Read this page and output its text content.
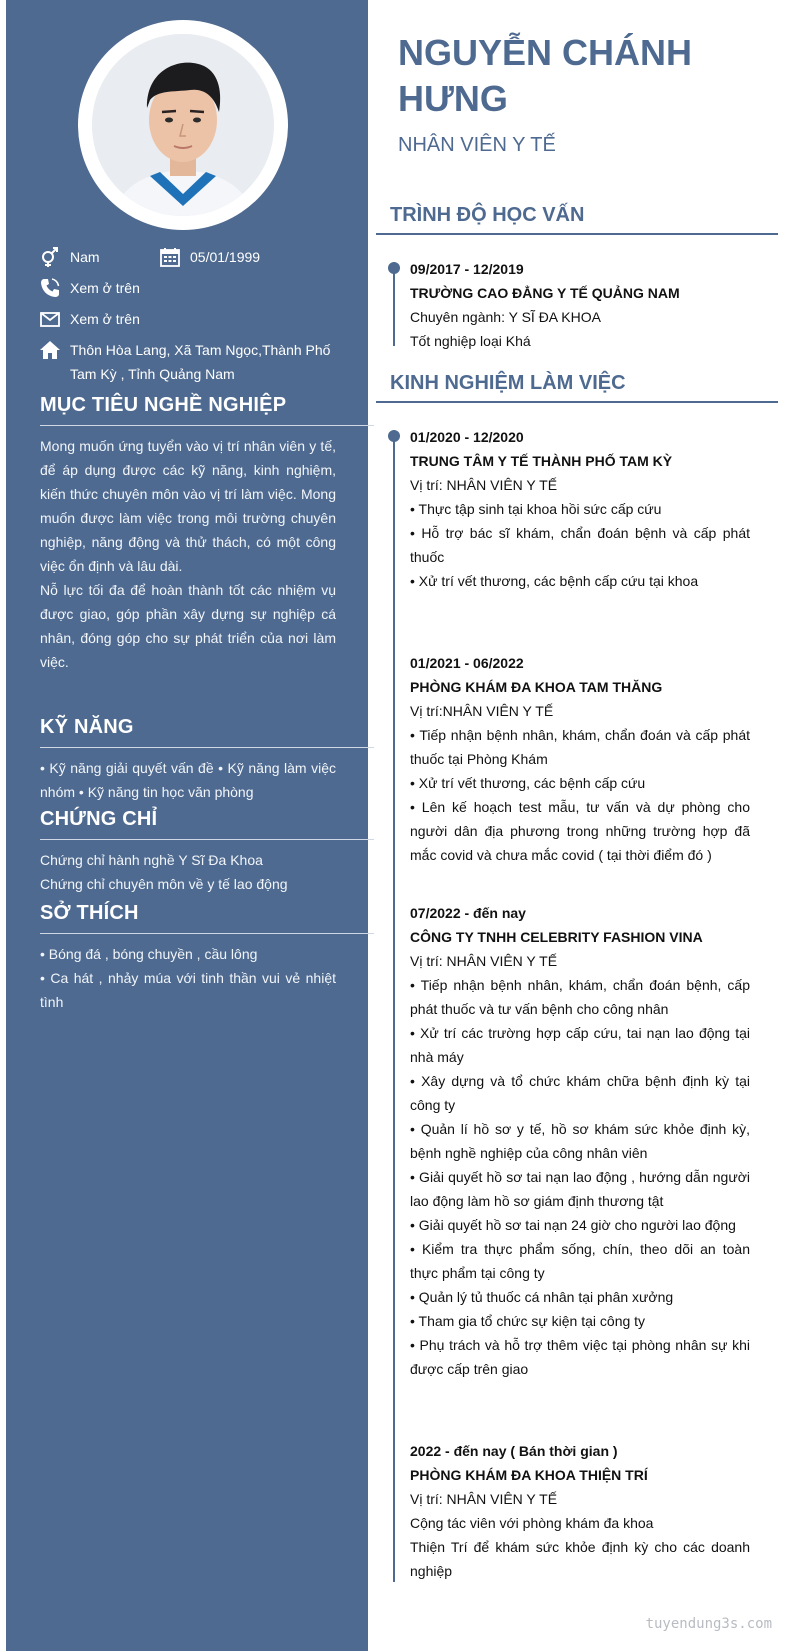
Nam	05/01/1999
Xem ở trên
Xem ở trên
Thôn Hòa Lang, Xã Tam Ngọc,Thành Phố Tam Kỳ , Tỉnh Quảng Nam
MỤC TIÊU NGHỀ NGHIỆP

Mong muốn ứng tuyển vào vị trí nhân viên y tế, để áp dụng được các kỹ năng, kinh nghiệm, kiến thức chuyên môn vào vị trí làm việc. Mong muốn được làm việc trong môi trường chuyên nghiệp, năng động và thử thách, có một công việc ổn định và lâu dài.

Nỗ lực tối đa để hoàn thành tốt các nhiệm vụ được giao, góp phần xây dựng sự nghiệp cá nhân, đóng góp cho sự phát triển của nơi làm việc.

KỸ NĂNG
• Kỹ năng giải quyết vấn đề • Kỹ năng làm việc nhóm • Kỹ năng tin học văn phòng
CHỨNG CHỈ

Chứng chỉ hành nghề Y Sĩ Đa Khoa

Chứng chỉ chuyên môn về y tế lao động

SỞ THÍCH

• Bóng đá , bóng chuyền , cầu lông

• Ca hát , nhảy múa với tinh thần vui vẻ nhiệt tình

NGUYỄN CHÁNH HƯNG
NHÂN VIÊN Y TẾ
TRÌNH ĐỘ HỌC VẤN
09/2017 - 12/2019
TRƯỜNG CAO ĐẲNG Y TẾ QUẢNG NAM
Chuyên ngành: Y SĨ ĐA KHOA
Tốt nghiệp loại Khá
KINH NGHIỆM LÀM VIỆC
01/2020 - 12/2020
TRUNG TÂM Y TẾ THÀNH PHỐ TAM KỲ
Vị trí: NHÂN VIÊN Y TẾ
• Thực tập sinh tại khoa hồi sức cấp cứu
• Hỗ trợ bác sĩ khám, chẩn đoán bệnh và cấp phát thuốc
• Xử trí vết thương, các bệnh cấp cứu tại khoa
01/2021 - 06/2022
PHÒNG KHÁM ĐA KHOA TAM THĂNG
Vị trí:NHÂN VIÊN Y TẾ
• Tiếp nhận bệnh nhân, khám, chẩn đoán và cấp phát thuốc tại Phòng Khám
• Xử trí vết thương, các bệnh cấp cứu
• Lên kế hoạch test mẫu, tư vấn và dự phòng cho người dân địa phương trong những trường hợp đã mắc covid và chưa mắc covid ( tại thời điểm đó )
07/2022 - đến nay
CÔNG TY TNHH CELEBRITY FASHION VINA
Vị trí: NHÂN VIÊN Y TẾ
• Tiếp nhận bệnh nhân, khám, chẩn đoán bệnh, cấp phát thuốc và tư vấn bệnh cho công nhân
• Xử trí các trường hợp cấp cứu, tai nạn lao động tại nhà máy
• Xây dựng và tổ chức khám chữa bệnh định kỳ tại công ty
• Quản lí hồ sơ y tế, hồ sơ khám sức khỏe định kỳ, bệnh nghề nghiệp của công nhân viên
• Giải quyết hồ sơ tai nạn lao động , hướng dẫn người lao động làm hồ sơ giám định thương tật
• Giải quyết hồ sơ tai nạn 24 giờ cho người lao động
• Kiểm tra thực phẩm sống, chín, theo dõi an toàn thực phẩm tại công ty
• Quản lý tủ thuốc cá nhân tại phân xưởng
• Tham gia tổ chức sự kiện tại công ty
• Phụ trách và hỗ trợ thêm việc tại phòng nhân sự khi được cấp trên giao
2022 - đến nay ( Bán thời gian )
PHÒNG KHÁM ĐA KHOA THIỆN TRÍ
Vị trí: NHÂN VIÊN Y TẾ
Cộng tác viên với phòng khám đa khoa
Thiện Trí để khám sức khỏe định kỳ cho các doanh nghiệp
tuyendung3s.com
